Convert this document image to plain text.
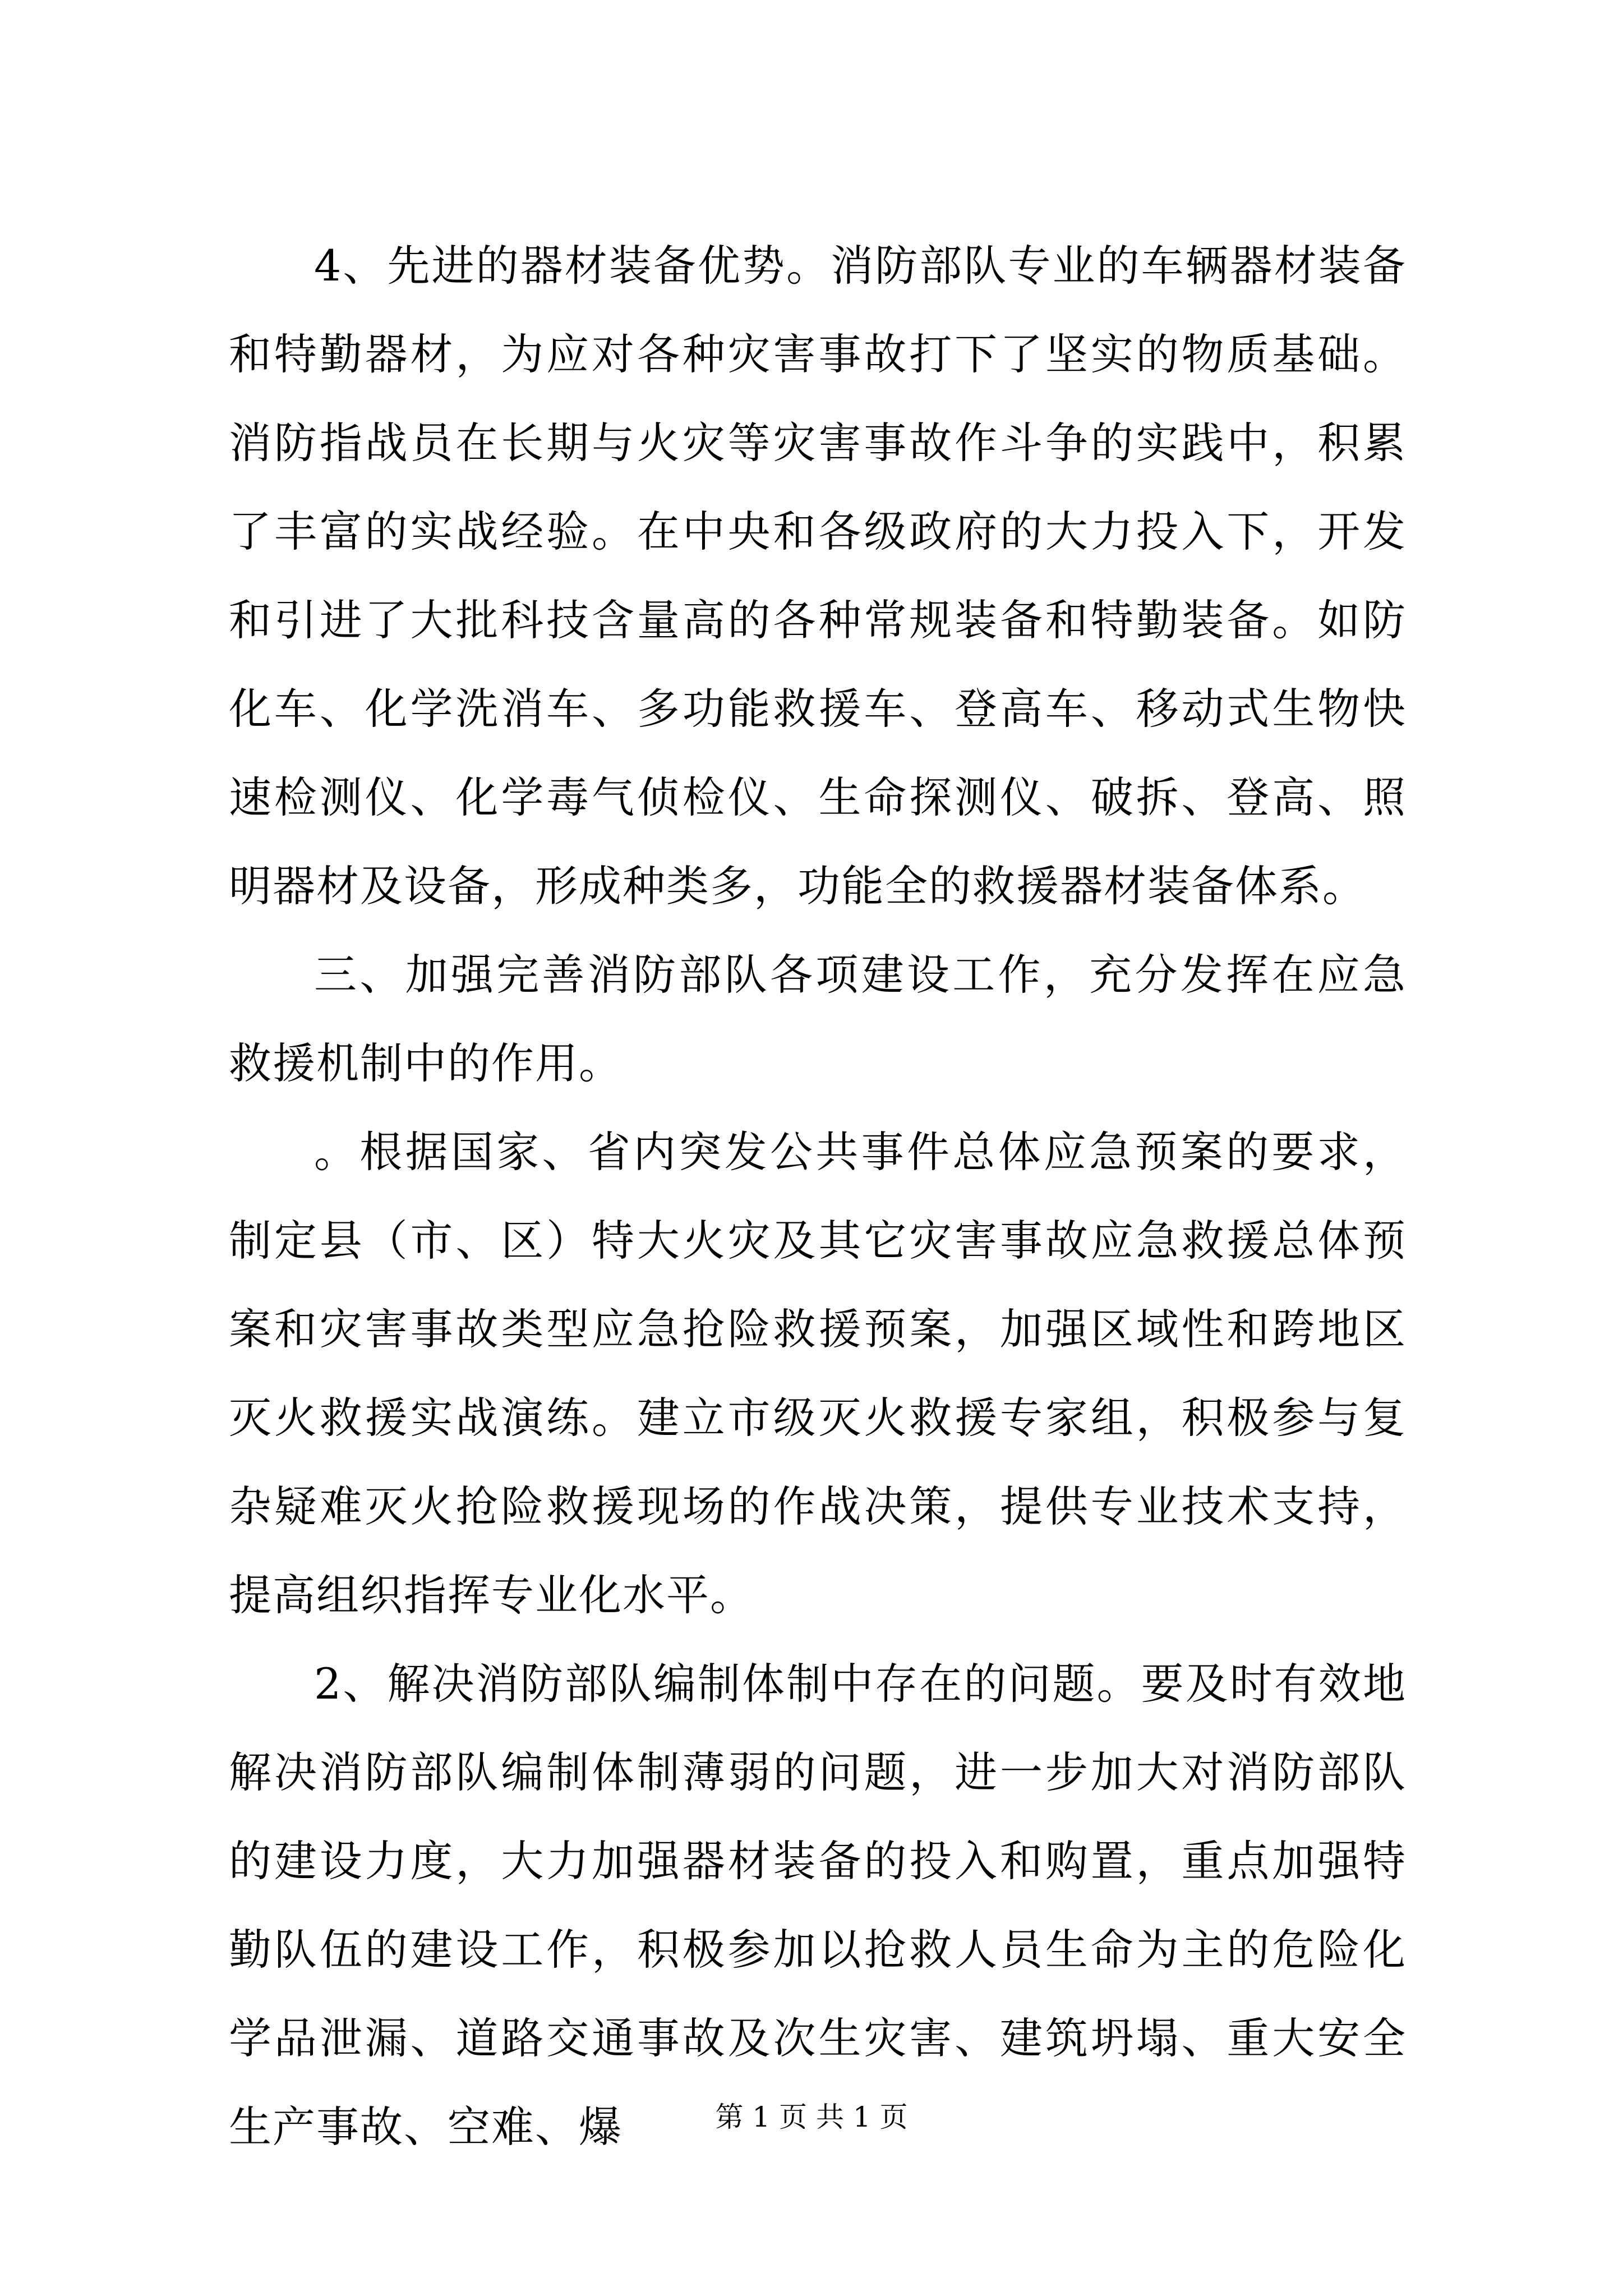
4、先进的器材装备优势。消防部队专业的车辆器材装备和特勤器材，为应对各种灾害事故打下了坚实的物质基础。消防指战员在长期与火灾等灾害事故作斗争的实践中，积累了丰富的实战经验。在中央和各级政府的大力投入下，开发和引进了大批科技含量高的各种常规装备和特勤装备。如防化车、化学洗消车、多功能救援车、登高车、移动式生物快速检测仪、化学毒气侦检仪、生命探测仪、破拆、登高、照明器材及设备，形成种类多，功能全的救援器材装备体系。

三、加强完善消防部队各项建设工作，充分发挥在应急救援机制中的作用。

。根据国家、省内突发公共事件总体应急预案的要求，制定县（市、区）特大火灾及其它灾害事故应急救援总体预案和灾害事故类型应急抢险救援预案，加强区域性和跨地区灭火救援实战演练。建立市级灭火救援专家组，积极参与复杂疑难灭火抢险救援现场的作战决策，提供专业技术支持，提高组织指挥专业化水平。

2、解决消防部队编制体制中存在的问题。要及时有效地解决消防部队编制体制薄弱的问题，进一步加大对消防部队的建设力度，大力加强器材装备的投入和购置，重点加强特勤队伍的建设工作，积极参加以抢救人员生命为主的危险化学品泄漏、道路交通事故及次生灾害、建筑坍塌、重大安全生产事故、空难、爆	第 1 页 共 1 页
